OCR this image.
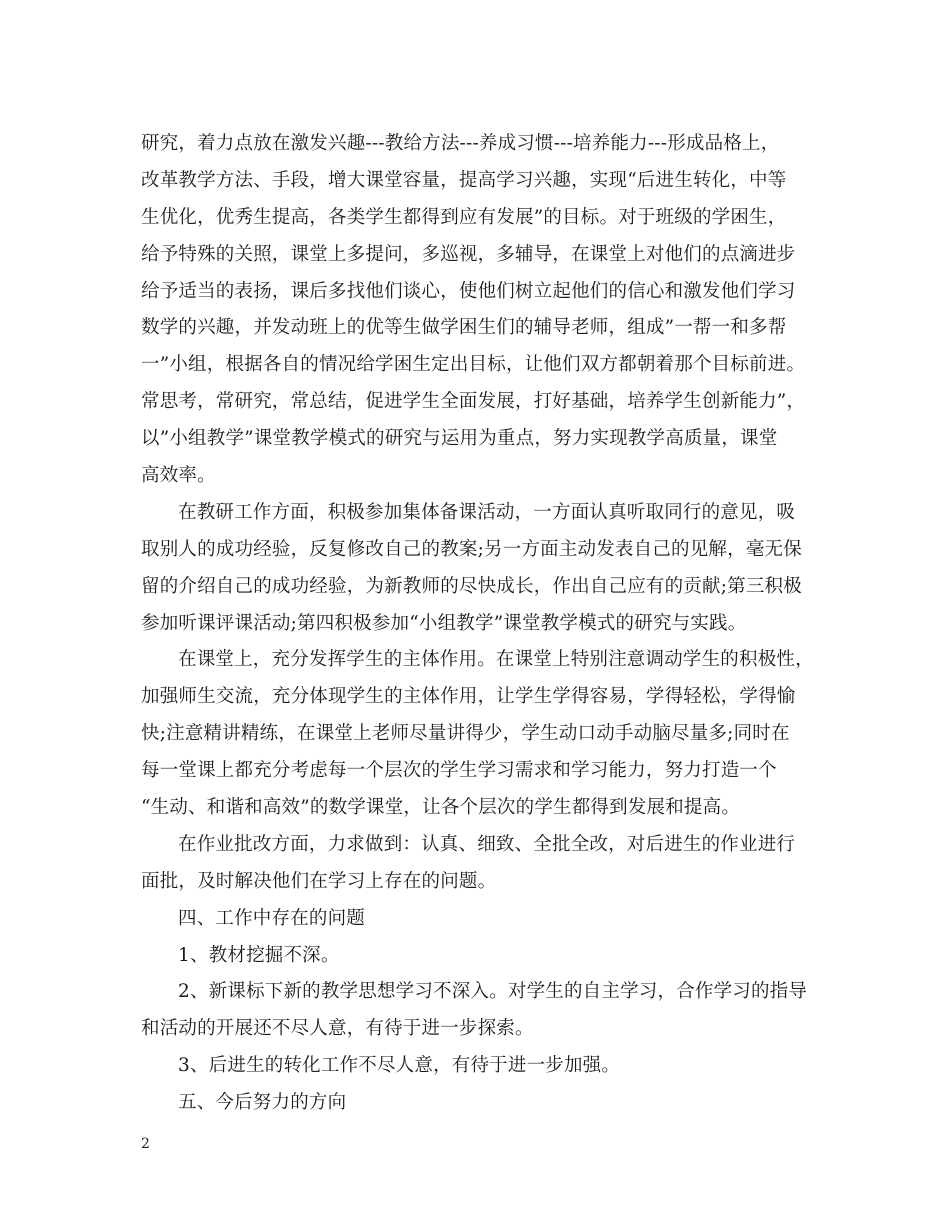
研究，着力点放在激发兴趣---教给方法---养成习惯---培养能力---形成品格上，
改革教学方法、手段，增大课堂容量，提高学习兴趣，实现“后进生转化，中等
生优化，优秀生提高，各类学生都得到应有发展”的目标。对于班级的学困生，
给予特殊的关照，课堂上多提问，多巡视，多辅导，在课堂上对他们的点滴进步
给予适当的表扬，课后多找他们谈心，使他们树立起他们的信心和激发他们学习
数学的兴趣，并发动班上的优等生做学困生们的辅导老师，组成”一帮一和多帮
一”小组，根据各自的情况给学困生定出目标，让他们双方都朝着那个目标前进。
常思考，常研究，常总结，促进学生全面发展，打好基础，培养学生创新能力”，
以”小组教学”课堂教学模式的研究与运用为重点，努力实现教学高质量，课堂
高效率。
在教研工作方面，积极参加集体备课活动，一方面认真听取同行的意见，吸
取别人的成功经验，反复修改自己的教案;另一方面主动发表自己的见解，毫无保
留的介绍自己的成功经验，为新教师的尽快成长，作出自己应有的贡献;第三积极
参加听课评课活动;第四积极参加“小组教学”课堂教学模式的研究与实践。
在课堂上，充分发挥学生的主体作用。在课堂上特别注意调动学生的积极性，
加强师生交流，充分体现学生的主体作用，让学生学得容易，学得轻松，学得愉
快;注意精讲精练，在课堂上老师尽量讲得少，学生动口动手动脑尽量多;同时在
每一堂课上都充分考虑每一个层次的学生学习需求和学习能力，努力打造一个
“生动、和谐和高效”的数学课堂，让各个层次的学生都得到发展和提高。
在作业批改方面，力求做到：认真、细致、全批全改，对后进生的作业进行
面批，及时解决他们在学习上存在的问题。
四、工作中存在的问题
1、教材挖掘不深。
2、新课标下新的教学思想学习不深入。对学生的自主学习，合作学习的指导
和活动的开展还不尽人意，有待于进一步探索。
3、后进生的转化工作不尽人意，有待于进一步加强。
五、今后努力的方向
2
